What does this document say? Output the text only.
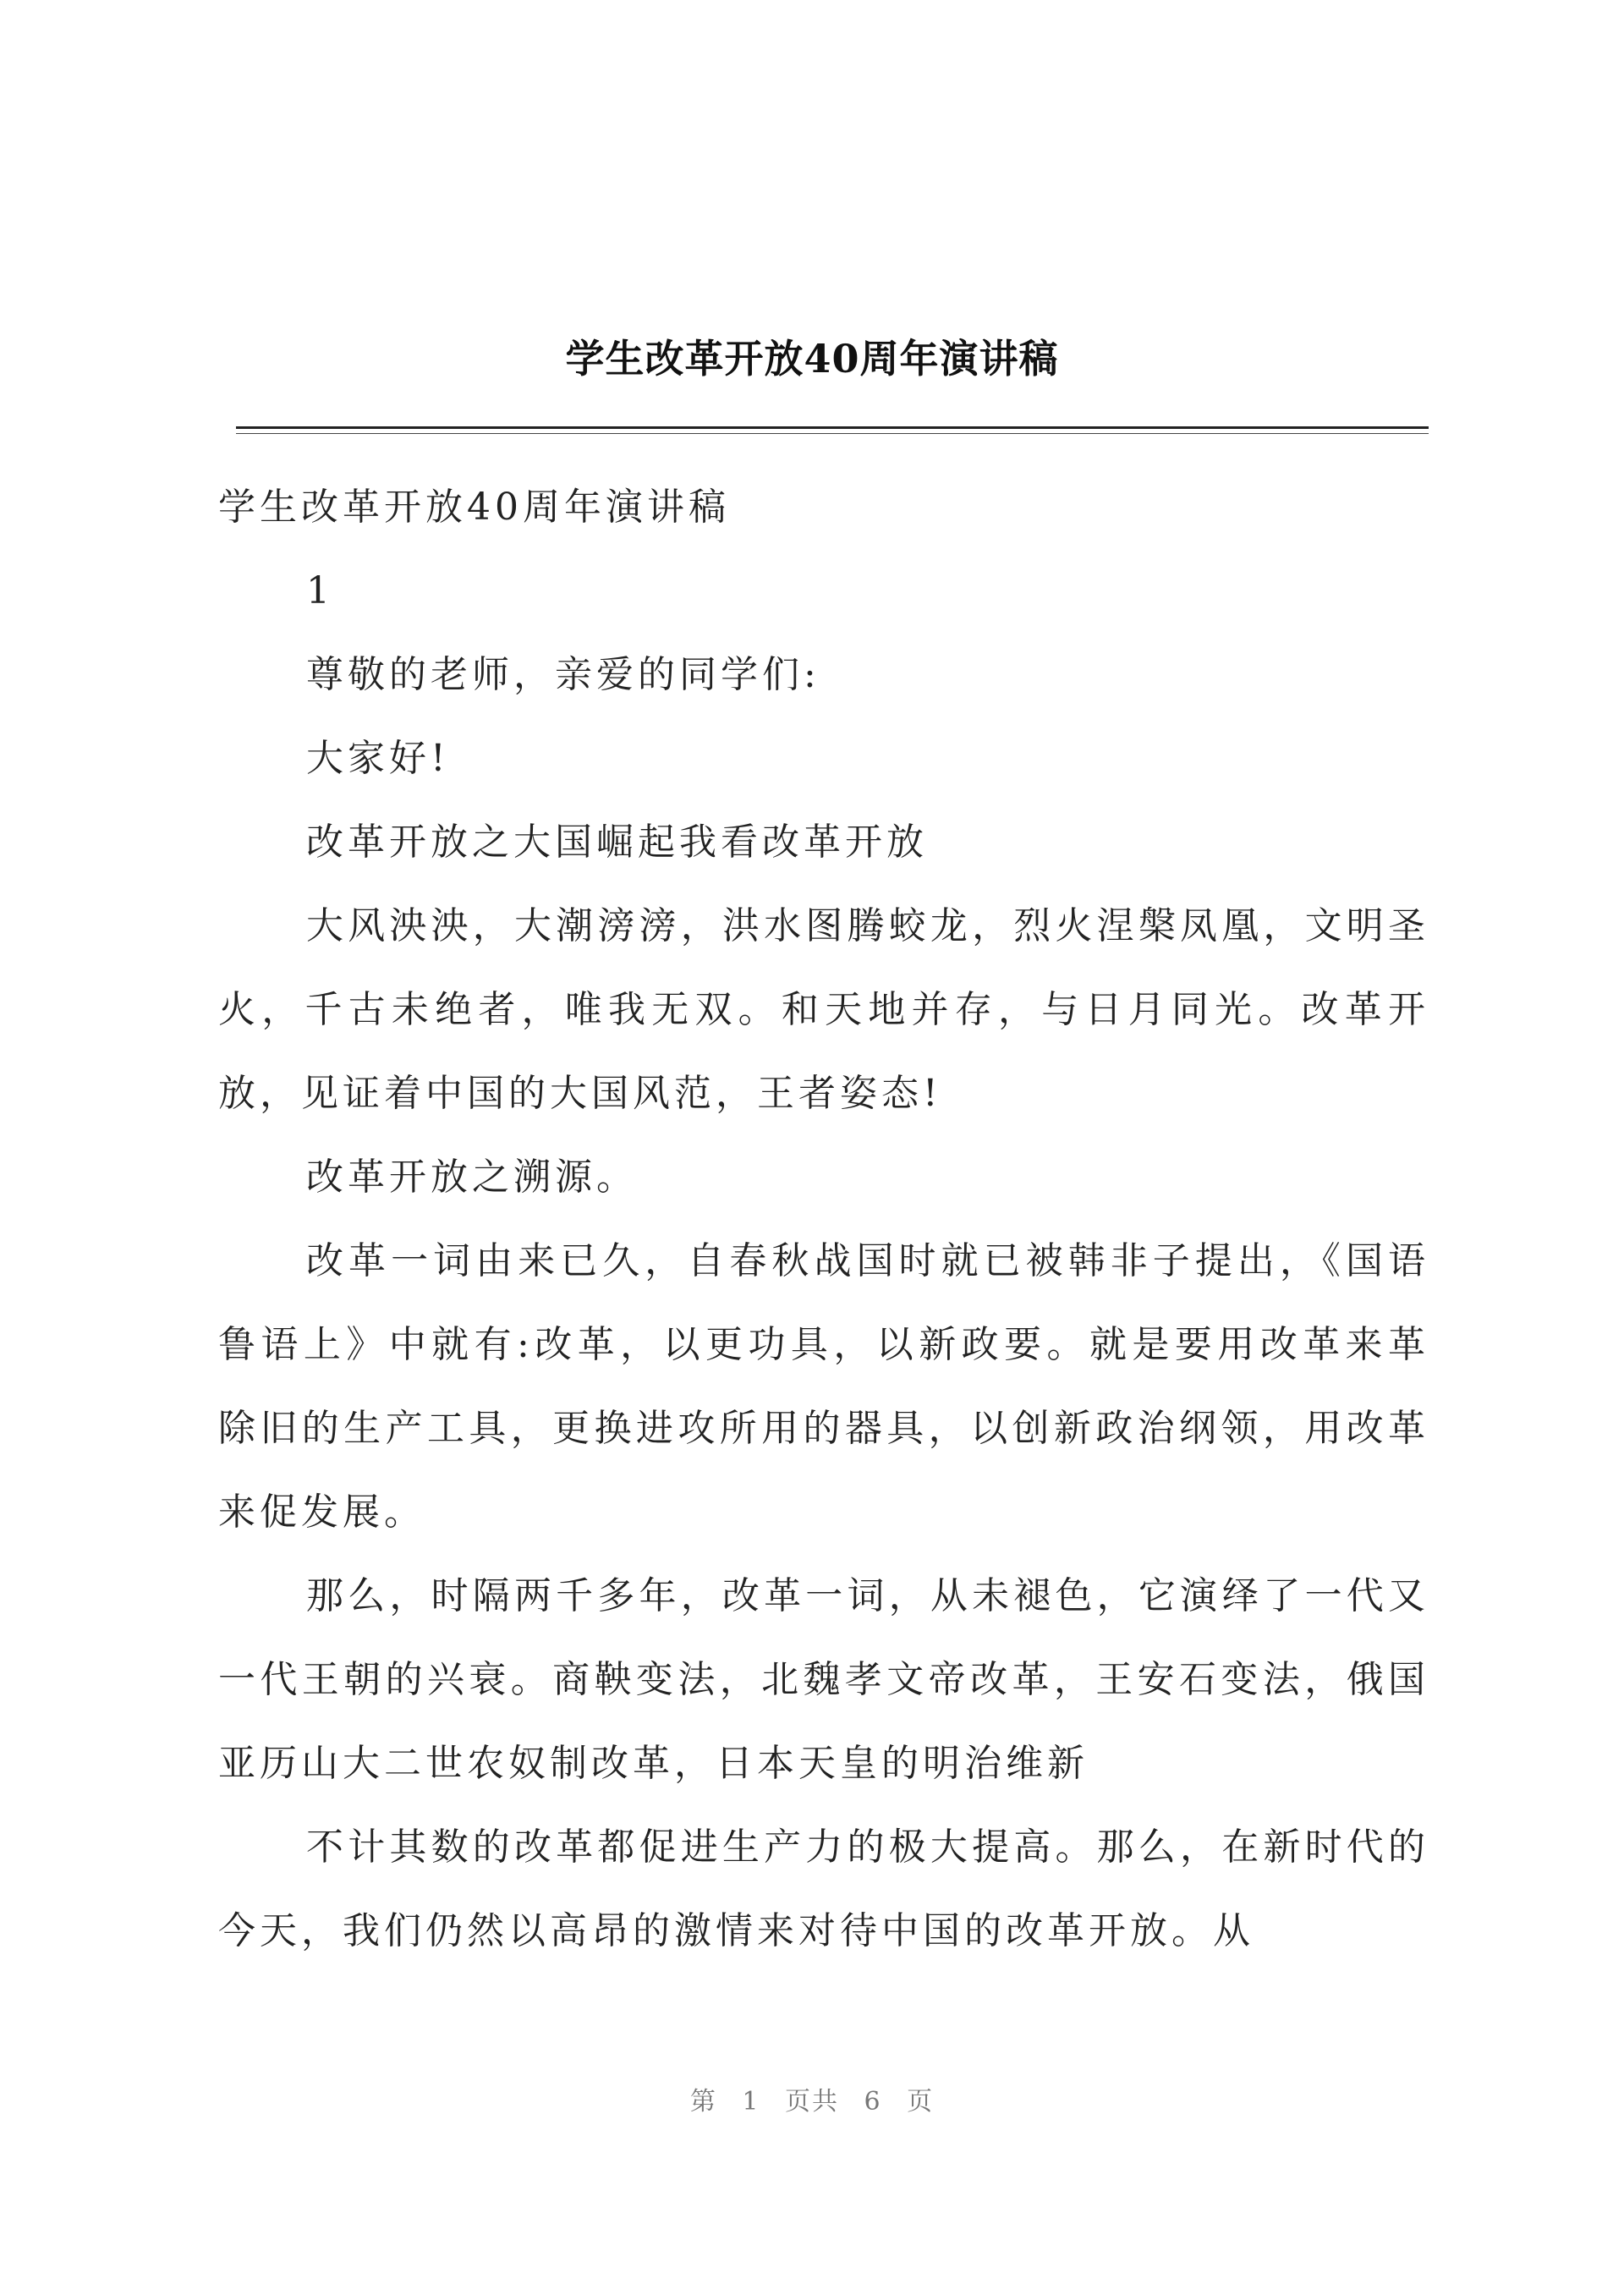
学生改革开放40周年演讲稿

学生改革开放40周年演讲稿

1

尊敬的老师，亲爱的同学们:

大家好!

改革开放之大国崛起我看改革开放

大风泱泱，大潮滂滂，洪水图腾蛟龙，烈火涅槃凤凰，文明圣火，千古未绝者，唯我无双。和天地并存，与日月同光。改革开放，见证着中国的大国风范，王者姿态!

改革开放之溯源。

改革一词由来已久，自春秋战国时就已被韩非子提出，《国语鲁语上》中就有:改革，以更功具，以新政要。就是要用改革来革除旧的生产工具，更换进攻所用的器具，以创新政治纲领，用改革来促发展。

那么，时隔两千多年，改革一词，从未褪色，它演绎了一代又一代王朝的兴衰。商鞅变法，北魏孝文帝改革，王安石变法，俄国亚历山大二世农奴制改革，日本天皇的明治维新

不计其数的改革都促进生产力的极大提高。那么，在新时代的今天，我们仍然以高昂的激情来对待中国的改革开放。从

第 1 页共 6 页
